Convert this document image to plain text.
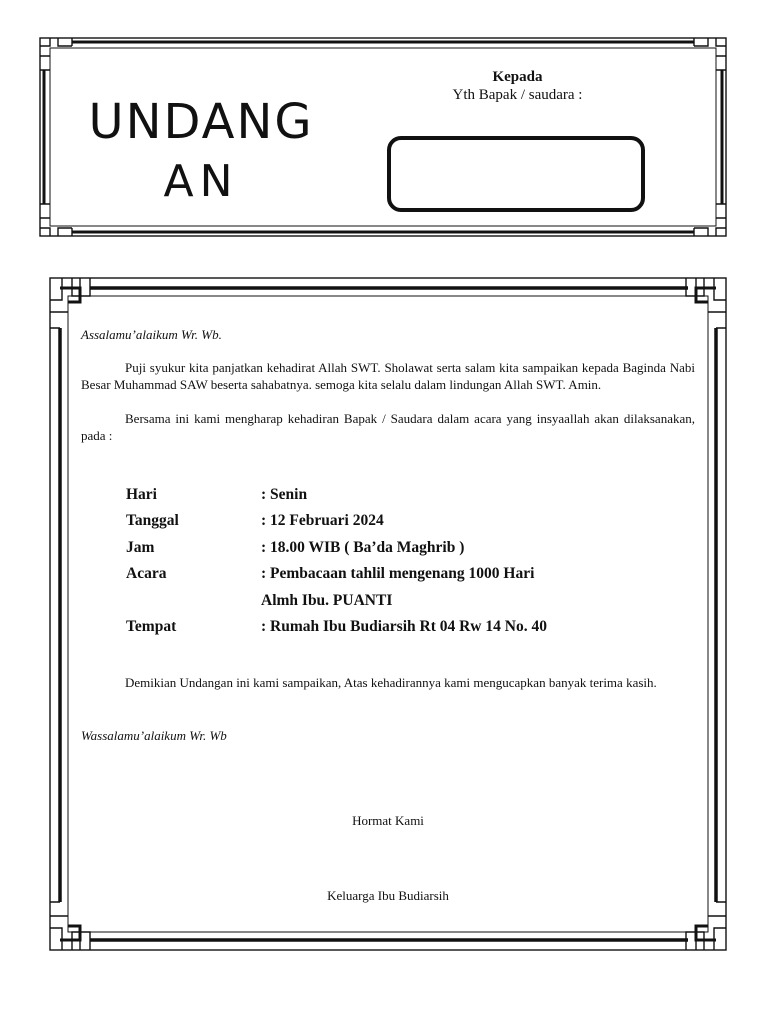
UNDANG
AN
Kepada
Yth Bapak / saudara :

Assalamu’alaikum Wr. Wb.

Puji syukur kita panjatkan kehadirat Allah SWT. Sholawat serta salam kita sampaikan kepada Baginda Nabi Besar Muhammad SAW beserta sahabatnya. semoga kita selalu dalam lindungan Allah SWT. Amin.

Bersama ini kami mengharap kehadiran Bapak / Saudara dalam acara yang insyaallah akan dilaksanakan, pada :

Hari	: Senin
Tanggal	: 12 Februari 2024
Jam	: 18.00 WIB ( Ba’da Maghrib )
Acara	: Pembacaan tahlil mengenang 1000 Hari
Almh Ibu. PUANTI
Tempat	: Rumah Ibu Budiarsih Rt 04 Rw 14 No. 40

Demikian Undangan ini kami sampaikan, Atas kehadirannya kami mengucapkan banyak terima kasih.

Wassalamu’alaikum Wr. Wb

Hormat Kami
Keluarga Ibu Budiarsih
